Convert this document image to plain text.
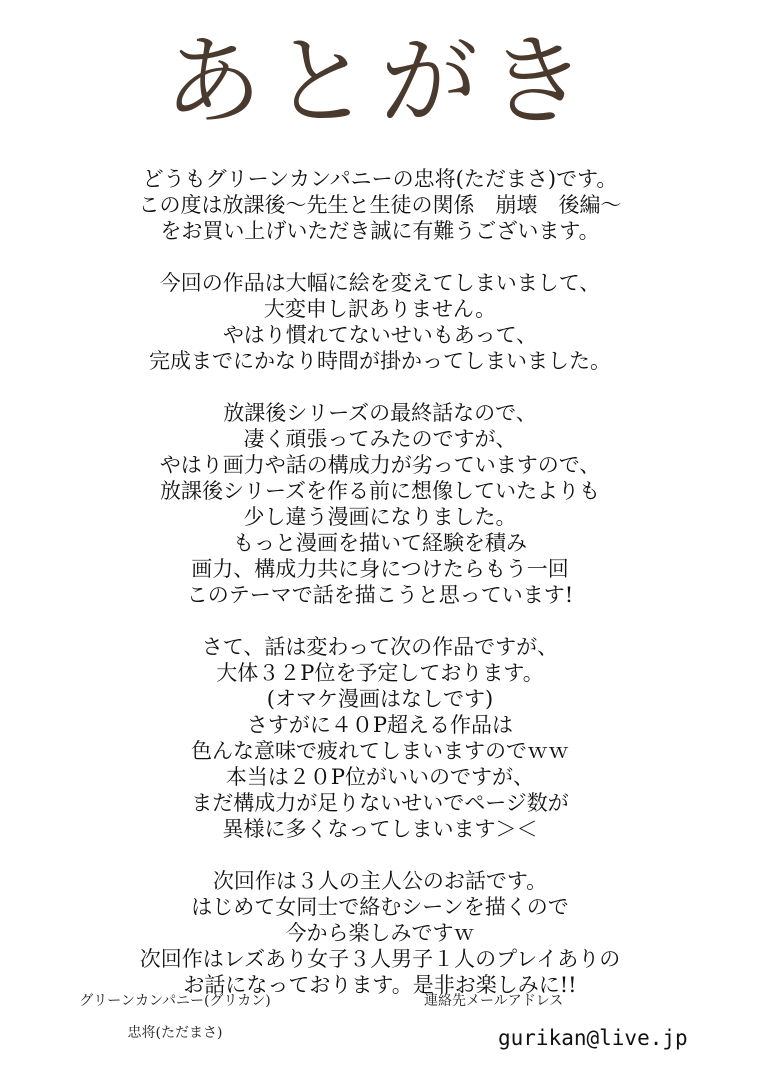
あとがき
どうもグリーンカンパニーの忠将(ただまさ)です。
この度は放課後～先生と生徒の関係　崩壊　後編～
をお買い上げいただき誠に有難うございます。
今回の作品は大幅に絵を変えてしまいまして、
大変申し訳ありません。
やはり慣れてないせいもあって、
完成までにかなり時間が掛かってしまいました。
放課後シリーズの最終話なので、
凄く頑張ってみたのですが、
やはり画力や話の構成力が劣っていますので、
放課後シリーズを作る前に想像していたよりも
少し違う漫画になりました。
もっと漫画を描いて経験を積み
画力、構成力共に身につけたらもう一回
このテーマで話を描こうと思っています!
さて、話は変わって次の作品ですが、
大体３２P位を予定しております。
(オマケ漫画はなしです)
さすがに４０P超える作品は
色んな意味で疲れてしまいますのでｗｗ
本当は２０P位がいいのですが、
まだ構成力が足りないせいでページ数が
異様に多くなってしまいます＞＜
次回作は３人の主人公のお話です。
はじめて女同士で絡むシーンを描くので
今から楽しみですｗ
次回作はレズあり女子３人男子１人のプレイありの
お話になっております。是非お楽しみに!!
グリーンカンパニー(グリカン)
忠将(ただまさ)
連絡先メールアドレス
gurikan@live.jp
